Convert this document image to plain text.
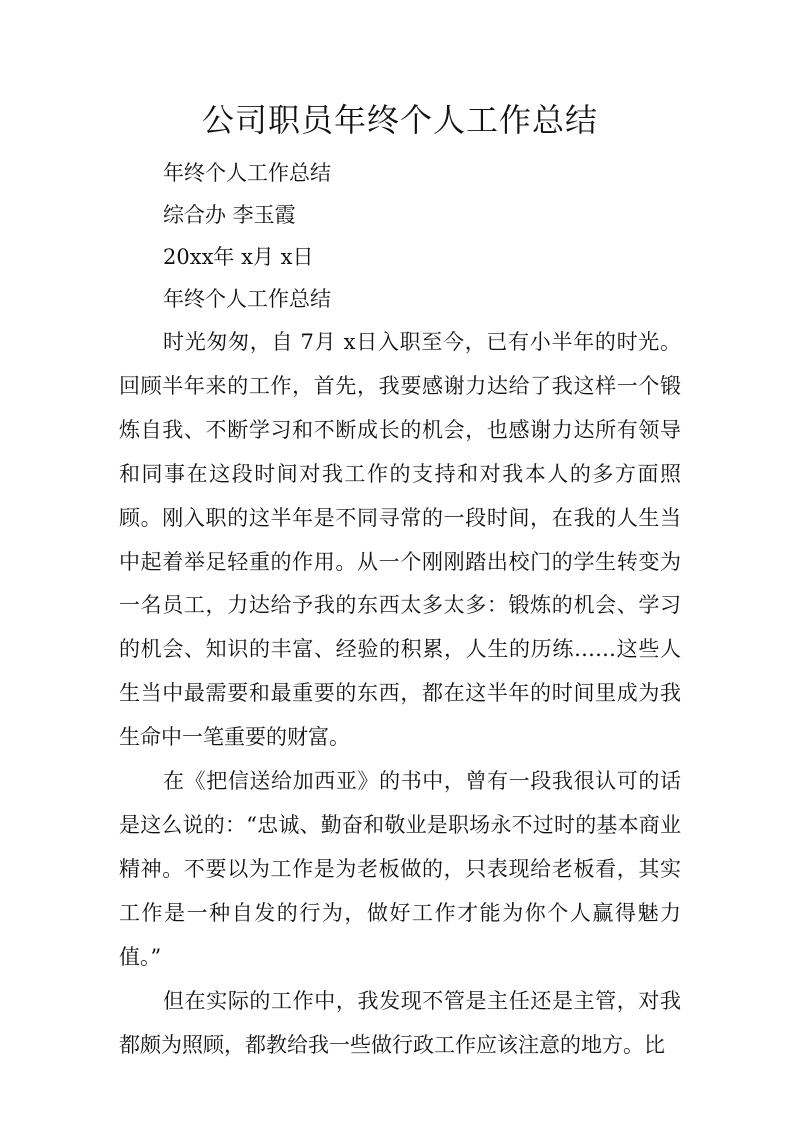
公司职员年终个人工作总结
年终个人工作总结
综合办 李玉霞
20xx年 x月 x日
年终个人工作总结

时光匆匆，自 7月 x日入职至今，已有小半年的时光。回顾半年来的工作，首先，我要感谢力达给了我这样一个锻炼自我、不断学习和不断成长的机会，也感谢力达所有领导和同事在这段时间对我工作的支持和对我本人的多方面照顾。刚入职的这半年是不同寻常的一段时间，在我的人生当中起着举足轻重的作用。从一个刚刚踏出校门的学生转变为一名员工，力达给予我的东西太多太多：锻炼的机会、学习的机会、知识的丰富、经验的积累，人生的历练……这些人生当中最需要和最重要的东西，都在这半年的时间里成为我生命中一笔重要的财富。

在《把信送给加西亚》的书中，曾有一段我很认可的话是这么说的：“忠诚、勤奋和敬业是职场永不过时的基本商业精神。不要以为工作是为老板做的，只表现给老板看，其实工作是一种自发的行为，做好工作才能为你个人赢得魅力值。”

但在实际的工作中，我发现不管是主任还是主管，对我都颇为照顾，都教给我一些做行政工作应该注意的地方。比
